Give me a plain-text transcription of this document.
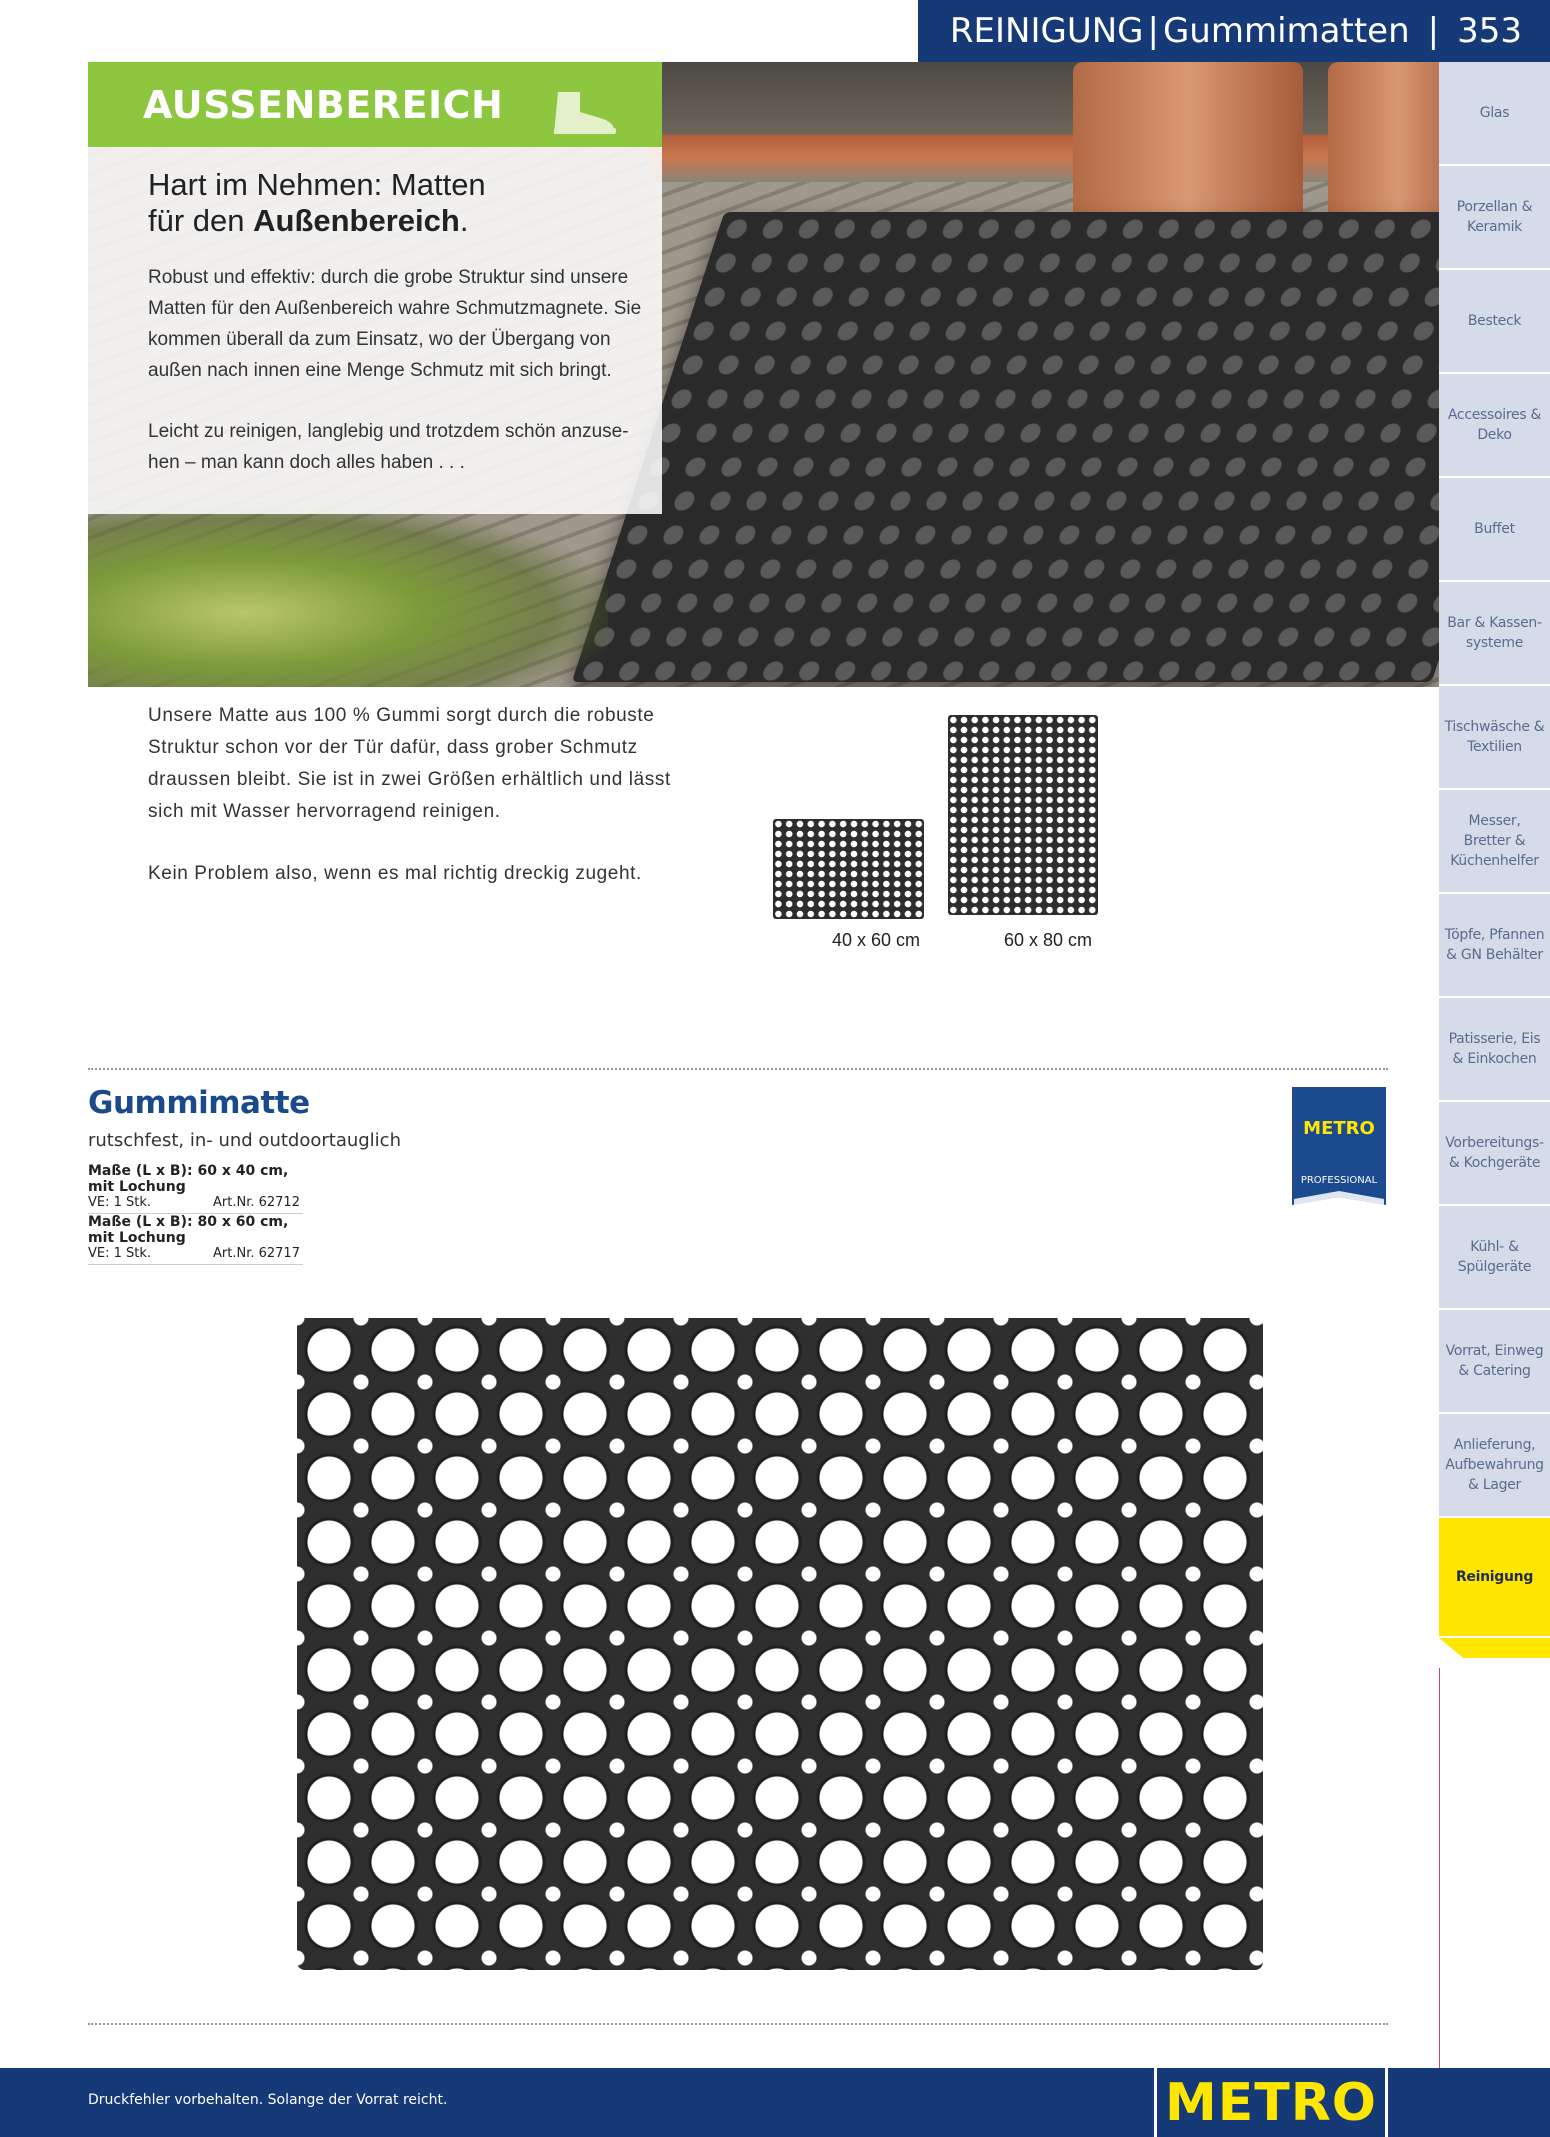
REINIGUNG | Gummimatten | 353
AUSSENBEREICH
Hart im Nehmen: Matten
für den Außenbereich.

Robust und effektiv: durch die grobe Struktur sind unsere Matten für den Außenbereich wahre Schmutzmagnete. Sie kommen überall da zum Einsatz, wo der Übergang von außen nach innen eine Menge Schmutz mit sich bringt.

Leicht zu reinigen, langlebig und trotzdem schön anzuse-hen – man kann doch alles haben . . .

Unsere Matte aus 100 % Gummi sorgt durch die robuste Struktur schon vor der Tür dafür, dass grober Schmutz draussen bleibt. Sie ist in zwei Größen erhältlich und lässt sich mit Wasser hervorragend reinigen.

Kein Problem also, wenn es mal richtig dreckig zugeht.

40 x 60 cm	60 x 80 cm
Gummimatte
rutschfest, in- und outdoortauglich
Maße (L x B): 60 x 40 cm, mit Lochung
VE: 1 Stk.	Art.Nr. 62712
Maße (L x B): 80 x 60 cm, mit Lochung
VE: 1 Stk.	Art.Nr. 62717
METRO
PROFESSIONAL
Glas
Porzellan & Keramik
Besteck
Accessoires & Deko
Buffet
Bar & Kassen-systeme
Tischwäsche & Textilien
Messer, Bretter & Küchenhelfer
Töpfe, Pfannen & GN Behälter
Patisserie, Eis & Einkochen
Vorbereitungs- & Kochgeräte
Kühl- & Spülgeräte
Vorrat, Einweg & Catering
Anlieferung, Aufbewahrung & Lager
Reinigung
Druckfehler vorbehalten. Solange der Vorrat reicht.	METRO
